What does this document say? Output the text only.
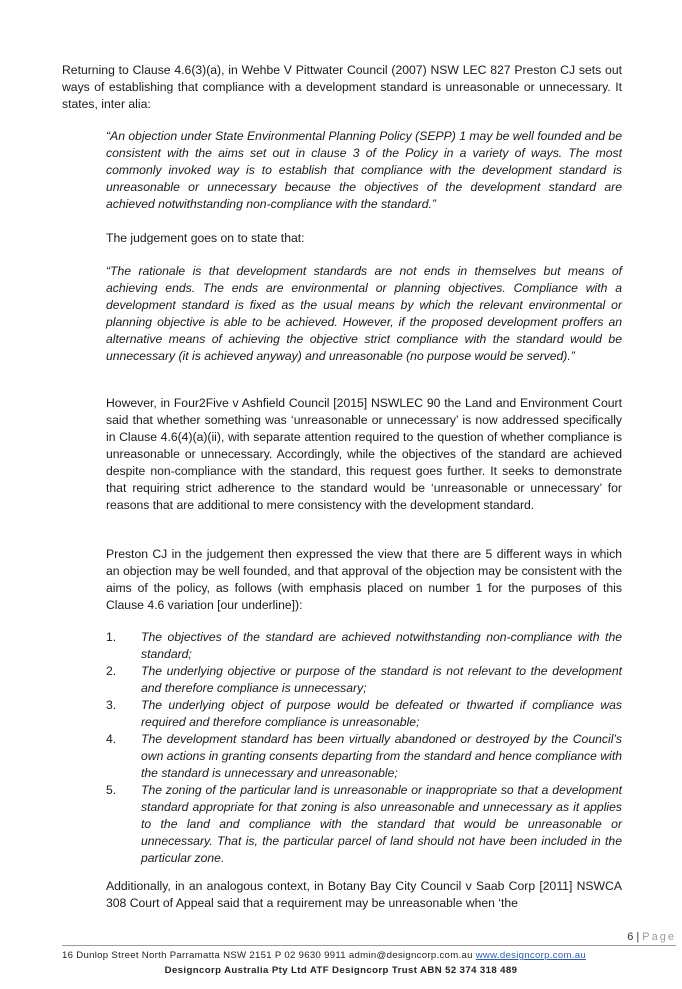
Returning to Clause 4.6(3)(a), in Wehbe V Pittwater Council (2007) NSW LEC 827 Preston CJ sets out ways of establishing that compliance with a development standard is unreasonable or unnecessary. It states, inter alia:

“An objection under State Environmental Planning Policy (SEPP) 1 may be well founded and be consistent with the aims set out in clause 3 of the Policy in a variety of ways. The most commonly invoked way is to establish that compliance with the development standard is unreasonable or unnecessary because the objectives of the development standard are achieved notwithstanding non-compliance with the standard.”

The judgement goes on to state that:

“The rationale is that development standards are not ends in themselves but means of achieving ends. The ends are environmental or planning objectives. Compliance with a development standard is fixed as the usual means by which the relevant environmental or planning objective is able to be achieved. However, if the proposed development proffers an alternative means of achieving the objective strict compliance with the standard would be unnecessary (it is achieved anyway) and unreasonable (no purpose would be served).”

However, in Four2Five v Ashfield Council [2015] NSWLEC 90 the Land and Environment Court said that whether something was ‘unreasonable or unnecessary’ is now addressed specifically in Clause 4.6(4)(a)(ii), with separate attention required to the question of whether compliance is unreasonable or unnecessary. Accordingly, while the objectives of the standard are achieved despite non-compliance with the standard, this request goes further. It seeks to demonstrate that requiring strict adherence to the standard would be ‘unreasonable or unnecessary’ for reasons that are additional to mere consistency with the development standard.

Preston CJ in the judgement then expressed the view that there are 5 different ways in which an objection may be well founded, and that approval of the objection may be consistent with the aims of the policy, as follows (with emphasis placed on number 1 for the purposes of this Clause 4.6 variation [our underline]):

1. The objectives of the standard are achieved notwithstanding non-compliance with the standard;
2. The underlying objective or purpose of the standard is not relevant to the development and therefore compliance is unnecessary;
3. The underlying object of purpose would be defeated or thwarted if compliance was required and therefore compliance is unreasonable;
4. The development standard has been virtually abandoned or destroyed by the Council’s own actions in granting consents departing from the standard and hence compliance with the standard is unnecessary and unreasonable;
5. The zoning of the particular land is unreasonable or inappropriate so that a development standard appropriate for that zoning is also unreasonable and unnecessary as it applies to the land and compliance with the standard that would be unreasonable or unnecessary. That is, the particular parcel of land should not have been included in the particular zone.

Additionally, in an analogous context, in Botany Bay City Council v Saab Corp [2011] NSWCA 308 Court of Appeal said that a requirement may be unreasonable when ‘the

6 | Page
16 Dunlop Street North Parramatta NSW 2151 P 02 9630 9911 admin@designcorp.com.au www.designcorp.com.au
Designcorp Australia Pty Ltd ATF Designcorp Trust ABN 52 374 318 489
